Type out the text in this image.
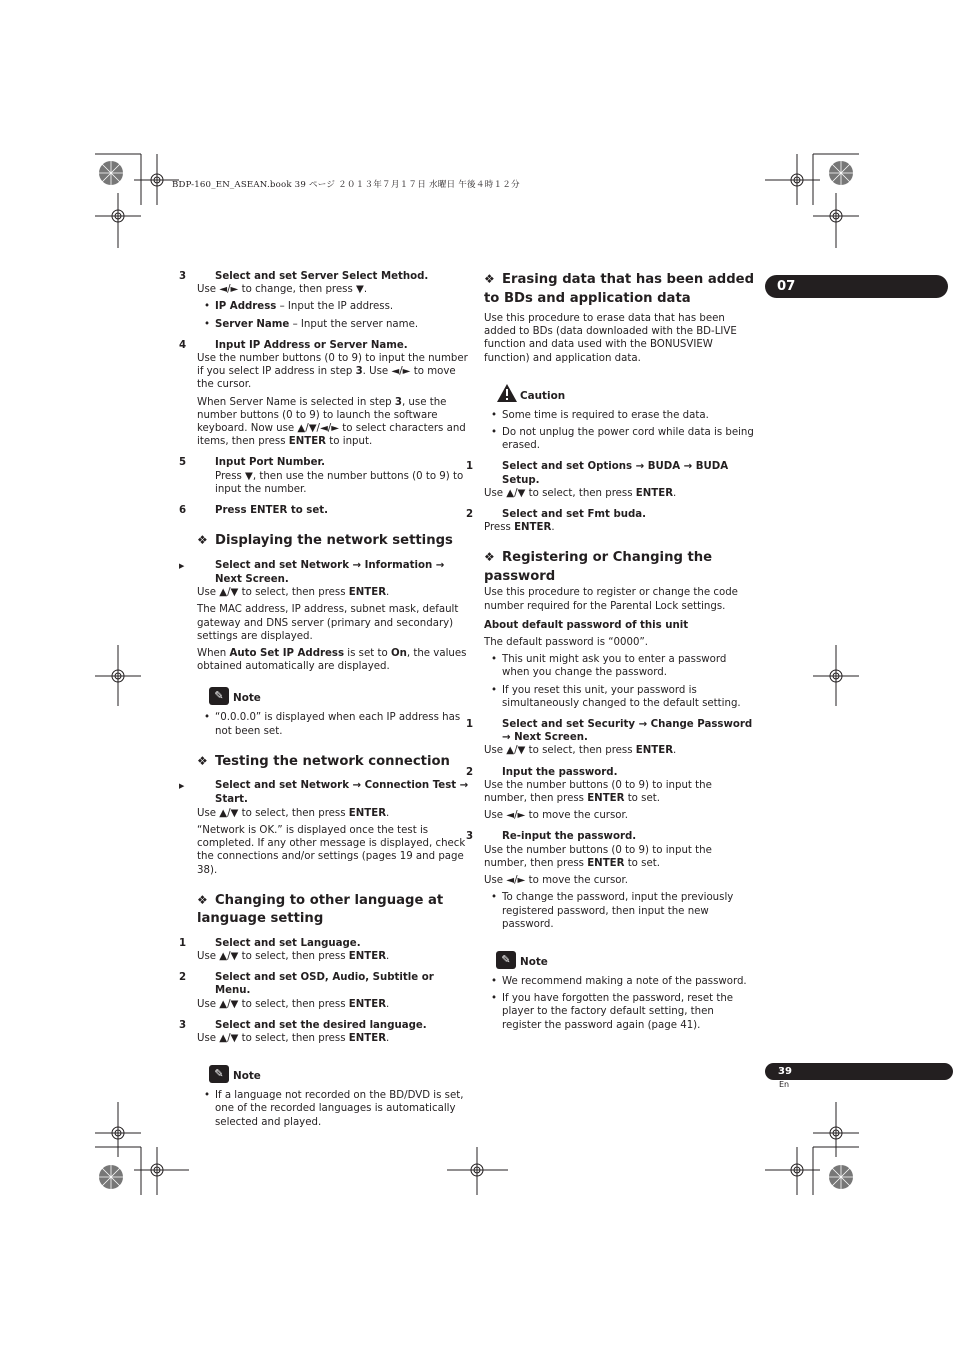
BDP-160_EN_ASEAN.book 39 ページ ２０１３年７月１７日 水曜日 午後４時１２分
07
39
En
3	Select and set Server Select Method.
Use ◄/► to change, then press ▼.
• IP Address – Input the IP address.
• Server Name – Input the server name.
4	Input IP Address or Server Name.
Use the number buttons (0 to 9) to input the number if you select IP address in step 3. Use ◄/► to move the cursor.
When Server Name is selected in step 3, use the number buttons (0 to 9) to launch the software keyboard. Now use ▲/▼/◄/► to select characters and items, then press ENTER to input.
5	Input Port Number.
Press ▼, then use the number buttons (0 to 9) to input the number.
6	Press ENTER to set.
❖ Displaying the network settings
▶	Select and set Network → Information → Next Screen.
Use ▲/▼ to select, then press ENTER.
The MAC address, IP address, subnet mask, default gateway and DNS server (primary and secondary) settings are displayed.
When Auto Set IP Address is set to On, the values obtained automatically are displayed.
✎ Note
• “0.0.0.0” is displayed when each IP address has not been set.
❖ Testing the network connection
▶	Select and set Network → Connection Test → Start.
Use ▲/▼ to select, then press ENTER.
“Network is OK.” is displayed once the test is completed. If any other message is displayed, check the connections and/or settings (pages 19 and page 38).
❖ Changing to other language at language setting
1	Select and set Language.
Use ▲/▼ to select, then press ENTER.
2	Select and set OSD, Audio, Subtitle or Menu.
Use ▲/▼ to select, then press ENTER.
3	Select and set the desired language.
Use ▲/▼ to select, then press ENTER.
✎ Note
• If a language not recorded on the BD/DVD is set, one of the recorded languages is automatically selected and played.
❖ Erasing data that has been added to BDs and application data
Use this procedure to erase data that has been added to BDs (data downloaded with the BD-LIVE function and data used with the BONUSVIEW function) and application data.
Caution
• Some time is required to erase the data.
• Do not unplug the power cord while data is being erased.
1	Select and set Options → BUDA → BUDA Setup.
Use ▲/▼ to select, then press ENTER.
2	Select and set Fmt buda.
Press ENTER.
❖ Registering or Changing the password
Use this procedure to register or change the code number required for the Parental Lock settings.
About default password of this unit
The default password is “0000”.
• This unit might ask you to enter a password when you change the password.
• If you reset this unit, your password is simultaneously changed to the default setting.
1	Select and set Security → Change Password → Next Screen.
Use ▲/▼ to select, then press ENTER.
2	Input the password.
Use the number buttons (0 to 9) to input the number, then press ENTER to set.
Use ◄/► to move the cursor.
3	Re-input the password.
Use the number buttons (0 to 9) to input the number, then press ENTER to set.
Use ◄/► to move the cursor.
• To change the password, input the previously registered password, then input the new password.
✎ Note
• We recommend making a note of the password.
• If you have forgotten the password, reset the player to the factory default setting, then register the password again (page 41).
